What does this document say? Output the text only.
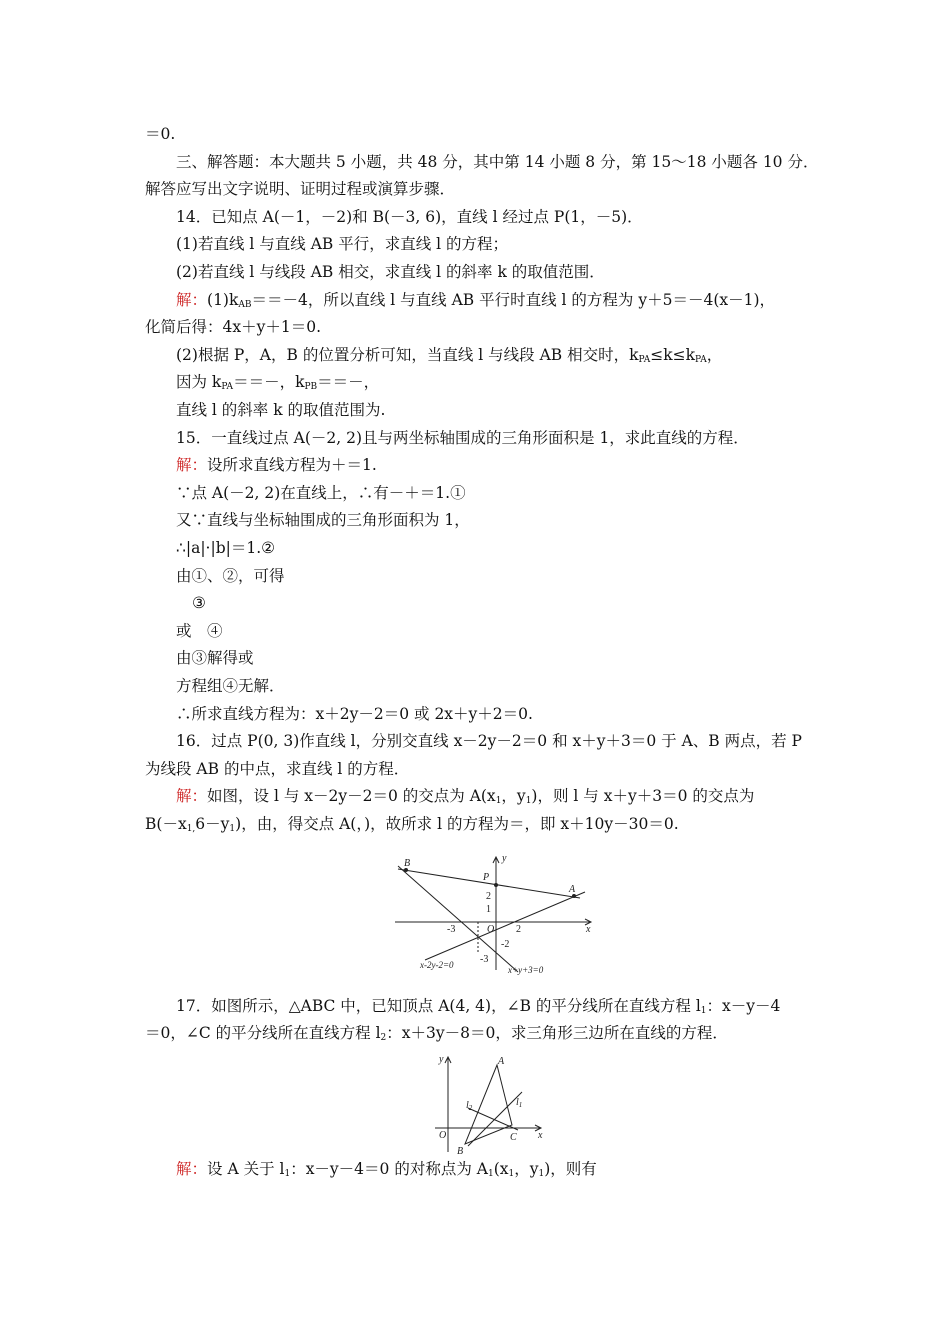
＝0.
三、解答题：本大题共 5 小题，共 48 分，其中第 14 小题 8 分，第 15～18 小题各 10 分．
解答应写出文字说明、证明过程或演算步骤．
14．已知点 A(－1，－2)和 B(－3, 6)，直线 l 经过点 P(1，－5)．
(1)若直线 l 与直线 AB 平行，求直线 l 的方程；
(2)若直线 l 与线段 AB 相交，求直线 l 的斜率 k 的取值范围．
解：$(1)k_{AB}==-4$，所以直线 l 与直线 AB 平行时直线 l 的方程为 y＋5＝－4(x－1)，
化简后得：4x＋y＋1＝0.
(2)根据 P，A，B 的位置分析可知，当直线 l 与线段 AB 相交时，$k_{PA}\le k\le k_{PA}$，
因为 $k_{PA}==-$，$k_{PB}==-$，
直线 l 的斜率 k 的取值范围为.
15．一直线过点 A(－2, 2)且与两坐标轴围成的三角形面积是 1，求此直线的方程．
解：设所求直线方程为＋＝1.
∵点 A(－2, 2)在直线上，∴有－＋＝1.①
又∵直线与坐标轴围成的三角形面积为 1，
∴|a|·|b|＝1.②
由①、②，可得
③
或　④
由③解得或
方程组④无解．
∴所求直线方程为：x＋2y－2＝0 或 2x＋y＋2＝0.
16．过点 P(0, 3)作直线 l，分别交直线 x－2y－2＝0 和 x＋y＋3＝0 于 A、B 两点，若 P
为线段 AB 的中点，求直线 l 的方程．
解：如图，设 l 与 x－2y－2＝0 的交点为 $A(x_1$，$y_1$)，则 l 与 x＋y＋3＝0 的交点为
$B(-x_{1,}6-y_1)$，由，得交点 A(，)，故所求 l 的方程为＝，即 x＋10y－30＝0.
B
P
A
y
x
O
2
1
-2
-3
-3	2
x-2y-2=0	x+y+3=0
17．如图所示，△ABC 中，已知顶点 A(4, 4)，∠B 的平分线所在直线方程 $l_1$：x－y－4
＝0，∠C 的平分线所在直线方程 $l_2$：x＋3y－8＝0，求三角形三边所在直线的方程．
A
B
C
O
y
x
$l_2$	$l_1$
解：设 A 关于 $l_1$：x－y－4＝0 的对称点为 $A_1(x_1$，$y_1$)，则有
